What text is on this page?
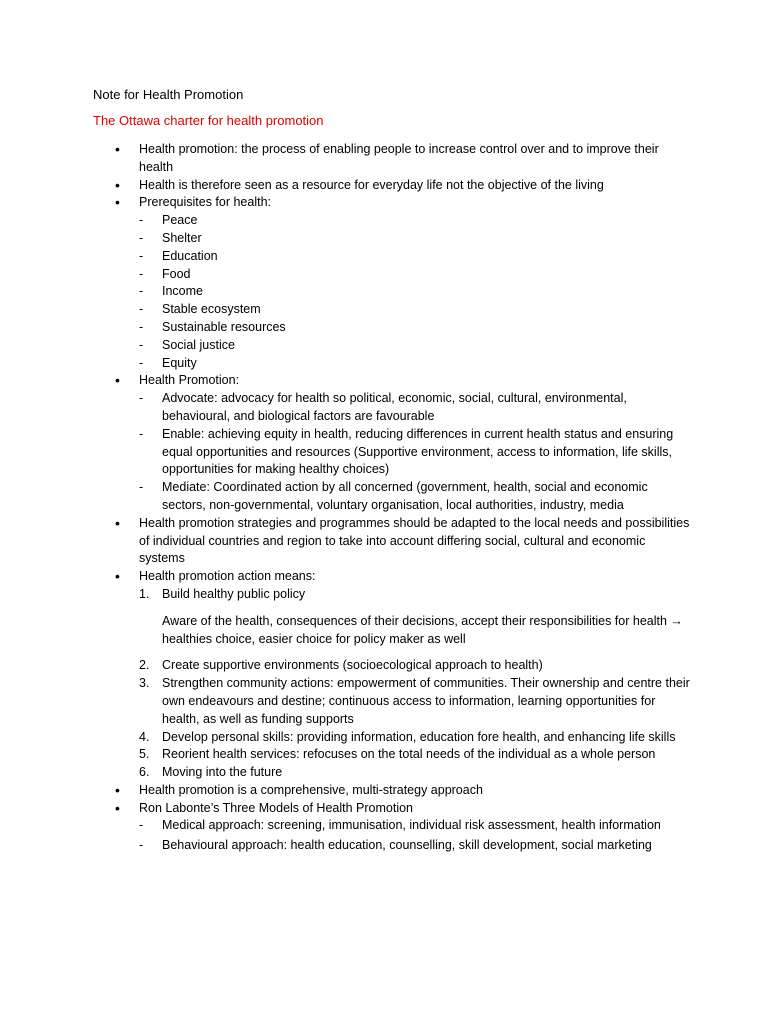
Note for Health Promotion
The Ottawa charter for health promotion
• Health promotion: the process of enabling people to increase control over and to improve their health
• Health is therefore seen as a resource for everyday life not the objective of the living
• Prerequisites for health:
- Peace
- Shelter
- Education
- Food
- Income
- Stable ecosystem
- Sustainable resources
- Social justice
- Equity
• Health Promotion:
- Advocate: advocacy for health so political, economic, social, cultural, environmental, behavioural, and biological factors are favourable
- Enable: achieving equity in health, reducing differences in current health status and ensuring equal opportunities and resources (Supportive environment, access to information, life skills, opportunities for making healthy choices)
- Mediate: Coordinated action by all concerned (government, health, social and economic sectors, non-governmental, voluntary organisation, local authorities, industry, media
• Health promotion strategies and programmes should be adapted to the local needs and possibilities of individual countries and region to take into account differing social, cultural and economic systems
• Health promotion action means:
1. Build healthy public policy
Aware of the health, consequences of their decisions, accept their responsibilities for health → healthies choice, easier choice for policy maker as well
2. Create supportive environments (socioecological approach to health)
3. Strengthen community actions: empowerment of communities. Their ownership and centre their own endeavours and destine; continuous access to information, learning opportunities for health, as well as funding supports
4. Develop personal skills: providing information, education fore health, and enhancing life skills
5. Reorient health services: refocuses on the total needs of the individual as a whole person
6. Moving into the future
• Health promotion is a comprehensive, multi-strategy approach
• Ron Labonte’s Three Models of Health Promotion
- Medical approach: screening, immunisation, individual risk assessment, health information
- Behavioural approach: health education, counselling, skill development, social marketing
